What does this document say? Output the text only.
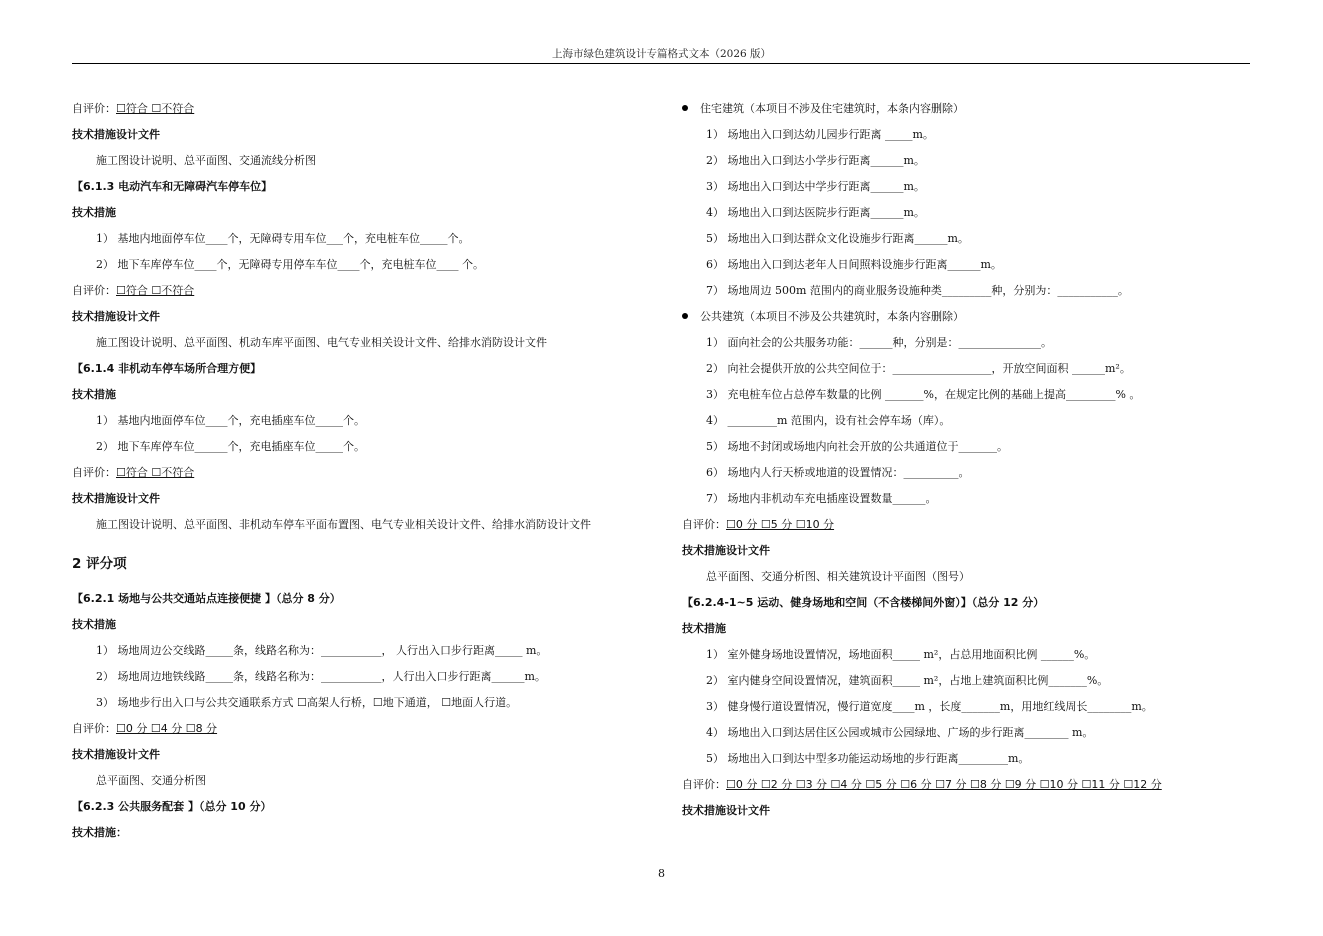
上海市绿色建筑设计专篇格式文本（2026 版）
自评价：☐符合 ☐不符合
技术措施设计文件
施工图设计说明、总平面图、交通流线分析图
【6.1.3 电动汽车和无障碍汽车停车位】
技术措施
1） 基地内地面停车位____个，无障碍专用车位___个，充电桩车位_____个。
2） 地下车库停车位____个，无障碍专用停车车位____个，充电桩车位____ 个。
自评价：☐符合 ☐不符合
技术措施设计文件
施工图设计说明、总平面图、机动车库平面图、电气专业相关设计文件、给排水消防设计文件
【6.1.4 非机动车停车场所合理方便】
技术措施
1） 基地内地面停车位____个，充电插座车位_____个。
2） 地下车库停车位______个，充电插座车位_____个。
自评价：☐符合 ☐不符合
技术措施设计文件
施工图设计说明、总平面图、非机动车停车平面布置图、电气专业相关设计文件、给排水消防设计文件
2 评分项
【6.2.1 场地与公共交通站点连接便捷 】（总分 8 分）
技术措施
1） 场地周边公交线路_____条，线路名称为：___________， 人行出入口步行距离_____ m。
2） 场地周边地铁线路_____条，线路名称为：___________，人行出入口步行距离______m。
3） 场地步行出入口与公共交通联系方式 ☐高架人行桥，☐地下通道， ☐地面人行道。
自评价：☐0 分 ☐4 分 ☐8 分
技术措施设计文件
总平面图、交通分析图
【6.2.3 公共服务配套 】（总分 10 分）
技术措施：
住宅建筑（本项目不涉及住宅建筑时，本条内容删除）
1） 场地出入口到达幼儿园步行距离 _____m。
2） 场地出入口到达小学步行距离______m。
3） 场地出入口到达中学步行距离______m。
4） 场地出入口到达医院步行距离______m。
5） 场地出入口到达群众文化设施步行距离______m。
6） 场地出入口到达老年人日间照料设施步行距离______m。
7） 场地周边 500m 范围内的商业服务设施种类_________种，分别为：___________。
公共建筑（本项目不涉及公共建筑时，本条内容删除）
1） 面向社会的公共服务功能：______种，分别是：_______________。
2） 向社会提供开放的公共空间位于：__________________，开放空间面积 ______m²。
3） 充电桩车位占总停车数量的比例 _______%，在规定比例的基础上提高_________% 。
4） _________m 范围内，设有社会停车场（库）。
5） 场地不封闭或场地内向社会开放的公共通道位于_______。
6） 场地内人行天桥或地道的设置情况：__________。
7） 场地内非机动车充电插座设置数量______。
自评价：☐0 分 ☐5 分 ☐10 分
技术措施设计文件
总平面图、交通分析图、相关建筑设计平面图（图号）
【6.2.4-1~5 运动、健身场地和空间（不含楼梯间外窗）】（总分 12 分）
技术措施
1） 室外健身场地设置情况，场地面积_____ m²，占总用地面积比例 ______%。
2） 室内健身空间设置情况，建筑面积_____ m²，占地上建筑面积比例_______%。
3） 健身慢行道设置情况，慢行道宽度____m ，长度_______m，用地红线周长________m。
4） 场地出入口到达居住区公园或城市公园绿地、广场的步行距离________ m。
5） 场地出入口到达中型多功能运动场地的步行距离_________m。
自评价：☐0 分 ☐2 分 ☐3 分 ☐4 分 ☐5 分 ☐6 分 ☐7 分 ☐8 分 ☐9 分 ☐10 分 ☐11 分 ☐12 分
技术措施设计文件
8
